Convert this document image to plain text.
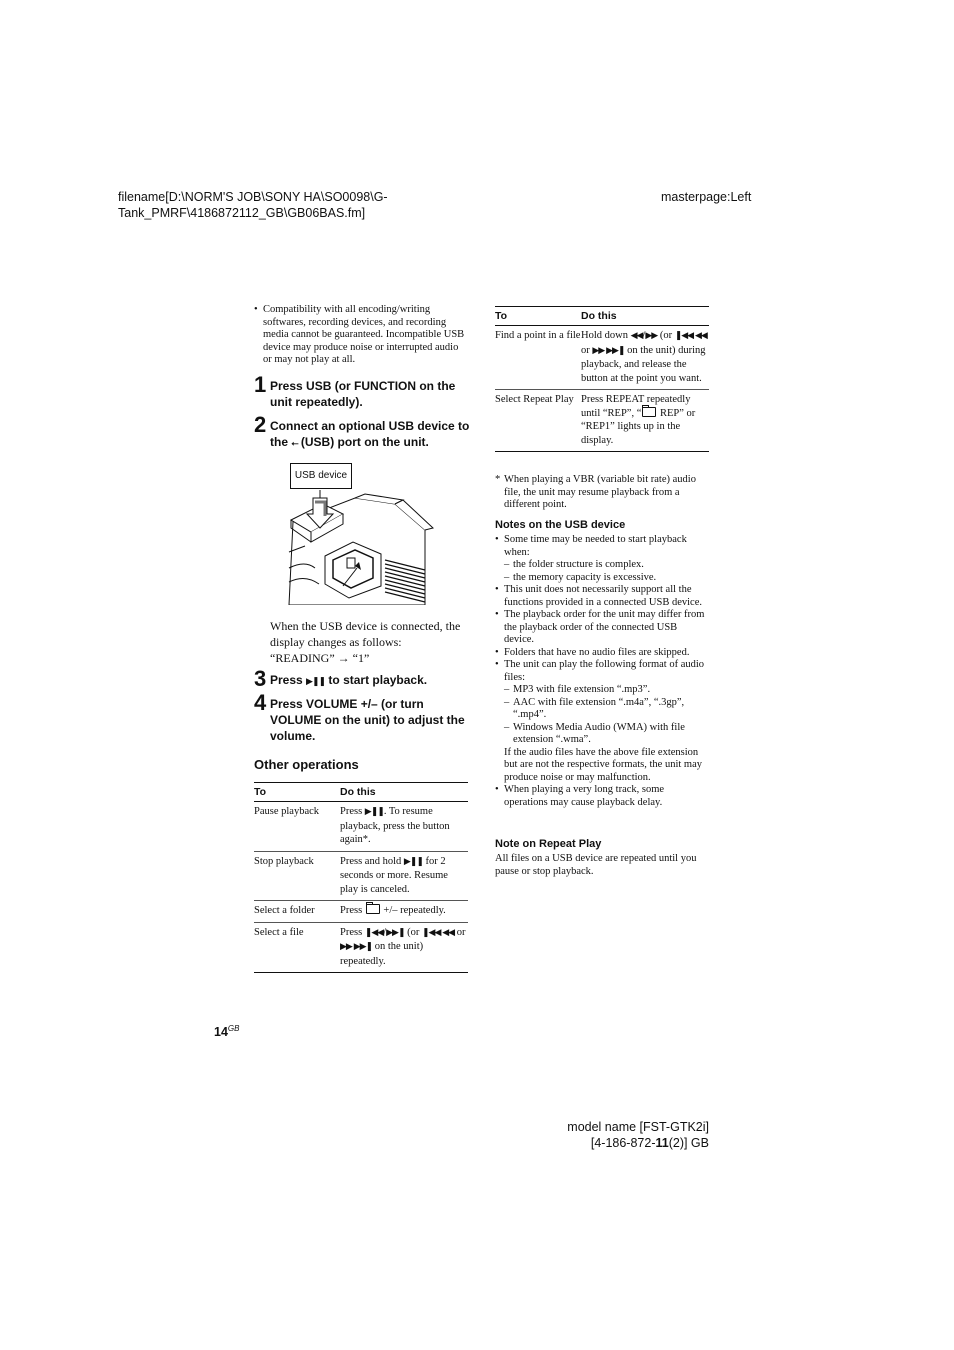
filename[D:\NORM'S JOB\SONY HA\SO0098\G-
Tank_PMRF\4186872112_GB\GB06BAS.fm]
masterpage:Left
• Compatibility with all encoding/writing softwares, recording devices, and recording media cannot be guaranteed. Incompatible USB device may produce noise or interrupted audio or may not play at all.
1 Press USB (or FUNCTION on the unit repeatedly).
2 Connect an optional USB device to the ⭠ (USB) port on the unit.
USB device
When the USB device is connected, the display changes as follows:
“READING” → “1”
3 Press ▶❚❚ to start playback.
4 Press VOLUME +/– (or turn VOLUME on the unit) to adjust the volume.
Other operations
To	Do this
Pause playback	Press ▶❚❚. To resume playback, press the button again*.
Stop playback	Press and hold ▶❚❚ for 2 seconds or more. Resume play is canceled.
Select a folder	Press +/– repeatedly.
Select a file	Press ❚◀◀/▶▶❚ (or ❚◀◀ ◀◀ or ▶▶ ▶▶❚ on the unit) repeatedly.
To	Do this
Find a point in a file	Hold down ◀◀/▶▶ (or ❚◀◀ ◀◀ or ▶▶ ▶▶❚ on the unit) during playback, and release the button at the point you want.
Select Repeat Play	Press REPEAT repeatedly until “REP”, “ REP” or “REP1” lights up in the display.
* When playing a VBR (variable bit rate) audio file, the unit may resume playback from a different point.
Notes on the USB device
• Some time may be needed to start playback when:
– the folder structure is complex.
– the memory capacity is excessive.
• This unit does not necessarily support all the functions provided in a connected USB device.
• The playback order for the unit may differ from the playback order of the connected USB device.
• Folders that have no audio files are skipped.
• The unit can play the following format of audio files:
– MP3 with file extension “.mp3”.
– AAC with file extension “.m4a”, “.3gp”, “.mp4”.
– Windows Media Audio (WMA) with file extension “.wma”.
If the audio files have the above file extension but are not the respective formats, the unit may produce noise or may malfunction.
• When playing a very long track, some operations may cause playback delay.
Note on Repeat Play
All files on a USB device are repeated until you pause or stop playback.
$14^{GB}$
model name [FST-GTK2i]
[4-186-872-11(2)] GB
